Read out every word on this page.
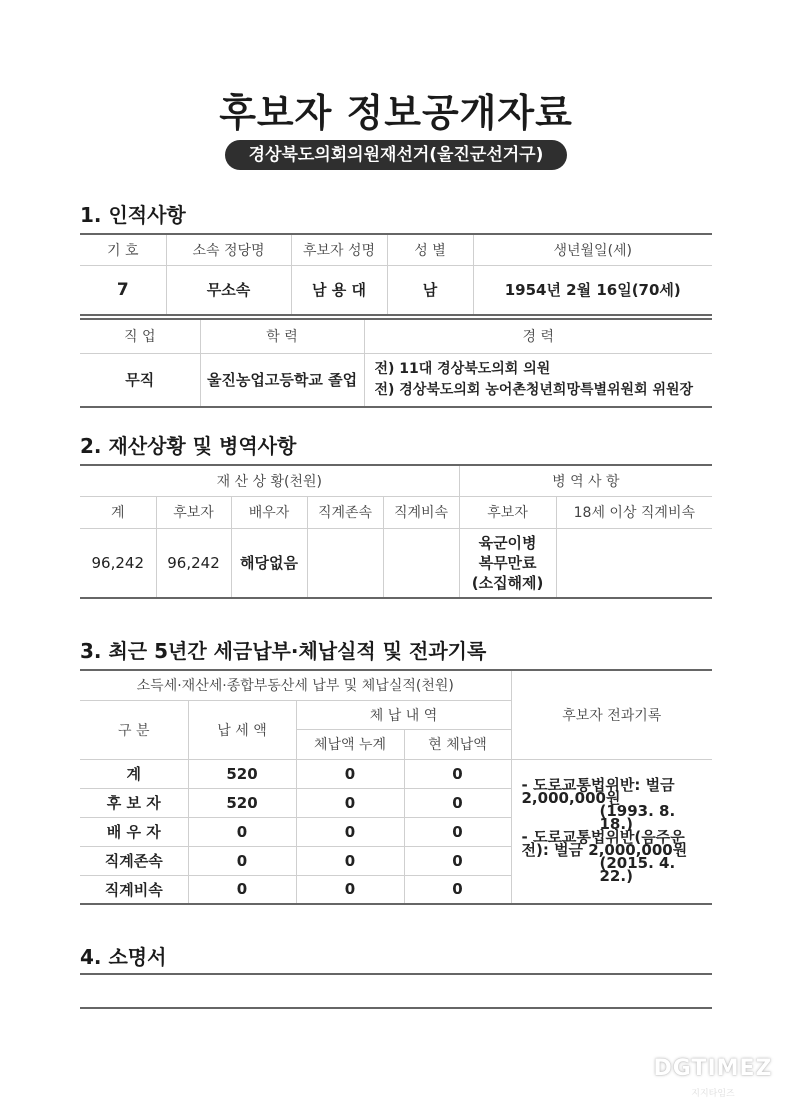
후보자 정보공개자료
경상북도의회의원재선거(울진군선거구)
1. 인적사항
기 호	소속 정당명	후보자 성명	성 별	생년월일(세)
7	무소속	남 용 대	남	1954년 2월 16일(70세)
직 업	학 력	경 력
무직	울진농업고등학교 졸업	전) 11대 경상북도의회 의원
전) 경상북도의회 농어촌청년희망특별위원회 위원장
2. 재산상황 및 병역사항
재 산 상 황(천원)					병 역 사 항	
계	후보자	배우자	직계존속	직계비속	후보자	18세 이상 직계비속
96,242	96,242	해당없음			육군이병
복무만료
(소집해제)	

3. 최근 5년간 세금납부·체납실적 및 전과기록
소득세·재산세·종합부동산세 납부 및 체납실적(천원)				후보자 전과기록
구 분	납 세 액	체 납 내 역		
		체납액 누계	현 체납액	
계	520	0	0	- 도로교통법위반: 벌금 2,000,000원
(1993. 8. 18.)
- 도로교통법위반(음주운전): 벌금 2,000,000원
(2015. 4. 22.)

후 보 자	520	0	0	
배 우 자	0	0	0	
직계존속	0	0	0	
직계비속	0	0	0	
4. 소명서
DGTIMEZ
지지타임즈
